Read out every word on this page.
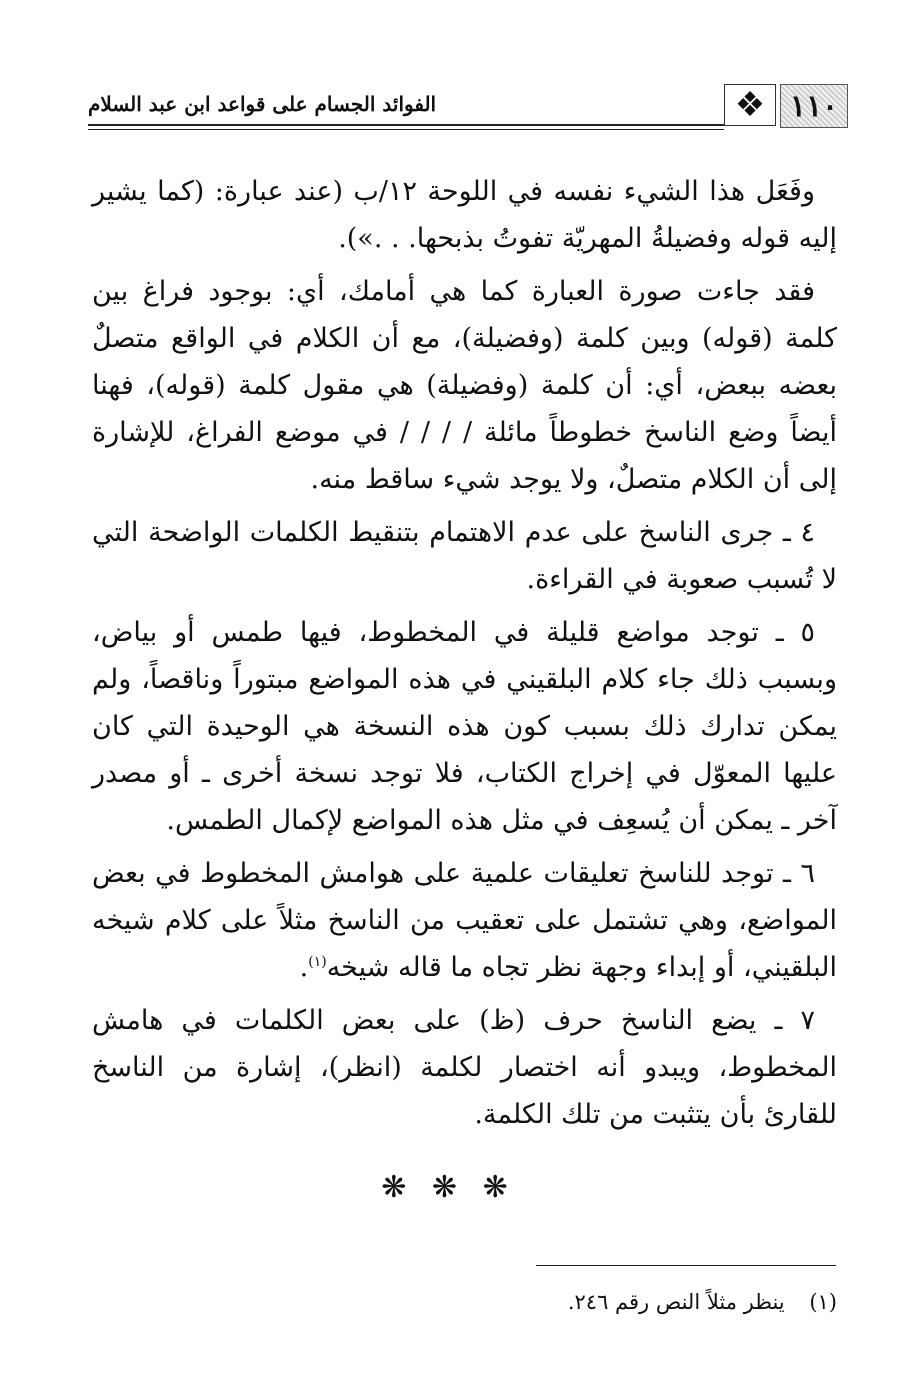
١١٠
❖
الفوائد الجسام على قواعد ابن عبد السلام

وفَعَل هذا الشيء نفسه في اللوحة ١٢/ب (عند عبارة: (كما يشير إليه قوله وفضيلةُ المهريّة تفوتُ بذبحها. . .»).

فقد جاءت صورة العبارة كما هي أمامك، أي: بوجود فراغ بين كلمة (قوله) وبين كلمة (وفضيلة)، مع أن الكلام في الواقع متصلٌ بعضه ببعض، أي: أن كلمة (وفضيلة) هي مقول كلمة (قوله)، فهنا أيضاً وضع الناسخ خطوطاً مائلة / / / / في موضع الفراغ، للإشارة إلى أن الكلام متصلٌ، ولا يوجد شيء ساقط منه.

٤ ـ جرى الناسخ على عدم الاهتمام بتنقيط الكلمات الواضحة التي لا تُسبب صعوبة في القراءة.

٥ ـ توجد مواضع قليلة في المخطوط، فيها طمس أو بياض، وبسبب ذلك جاء كلام البلقيني في هذه المواضع مبتوراً وناقصاً، ولم يمكن تدارك ذلك بسبب كون هذه النسخة هي الوحيدة التي كان عليها المعوّل في إخراج الكتاب، فلا توجد نسخة أخرى ـ أو مصدر آخر ـ يمكن أن يُسعِف في مثل هذه المواضع لإكمال الطمس.

٦ ـ توجد للناسخ تعليقات علمية على هوامش المخطوط في بعض المواضع، وهي تشتمل على تعقيب من الناسخ مثلاً على كلام شيخه البلقيني، أو إبداء وجهة نظر تجاه ما قاله شيخه$^{(١)}$.

٧ ـ يضع الناسخ حرف (ظ) على بعض الكلمات في هامش المخطوط، ويبدو أنه اختصار لكلمة (انظر)، إشارة من الناسخ للقارئ بأن يتثبت من تلك الكلمة.

❋ ❋ ❋
(١) ينظر مثلاً النص رقم ٢٤٦.
